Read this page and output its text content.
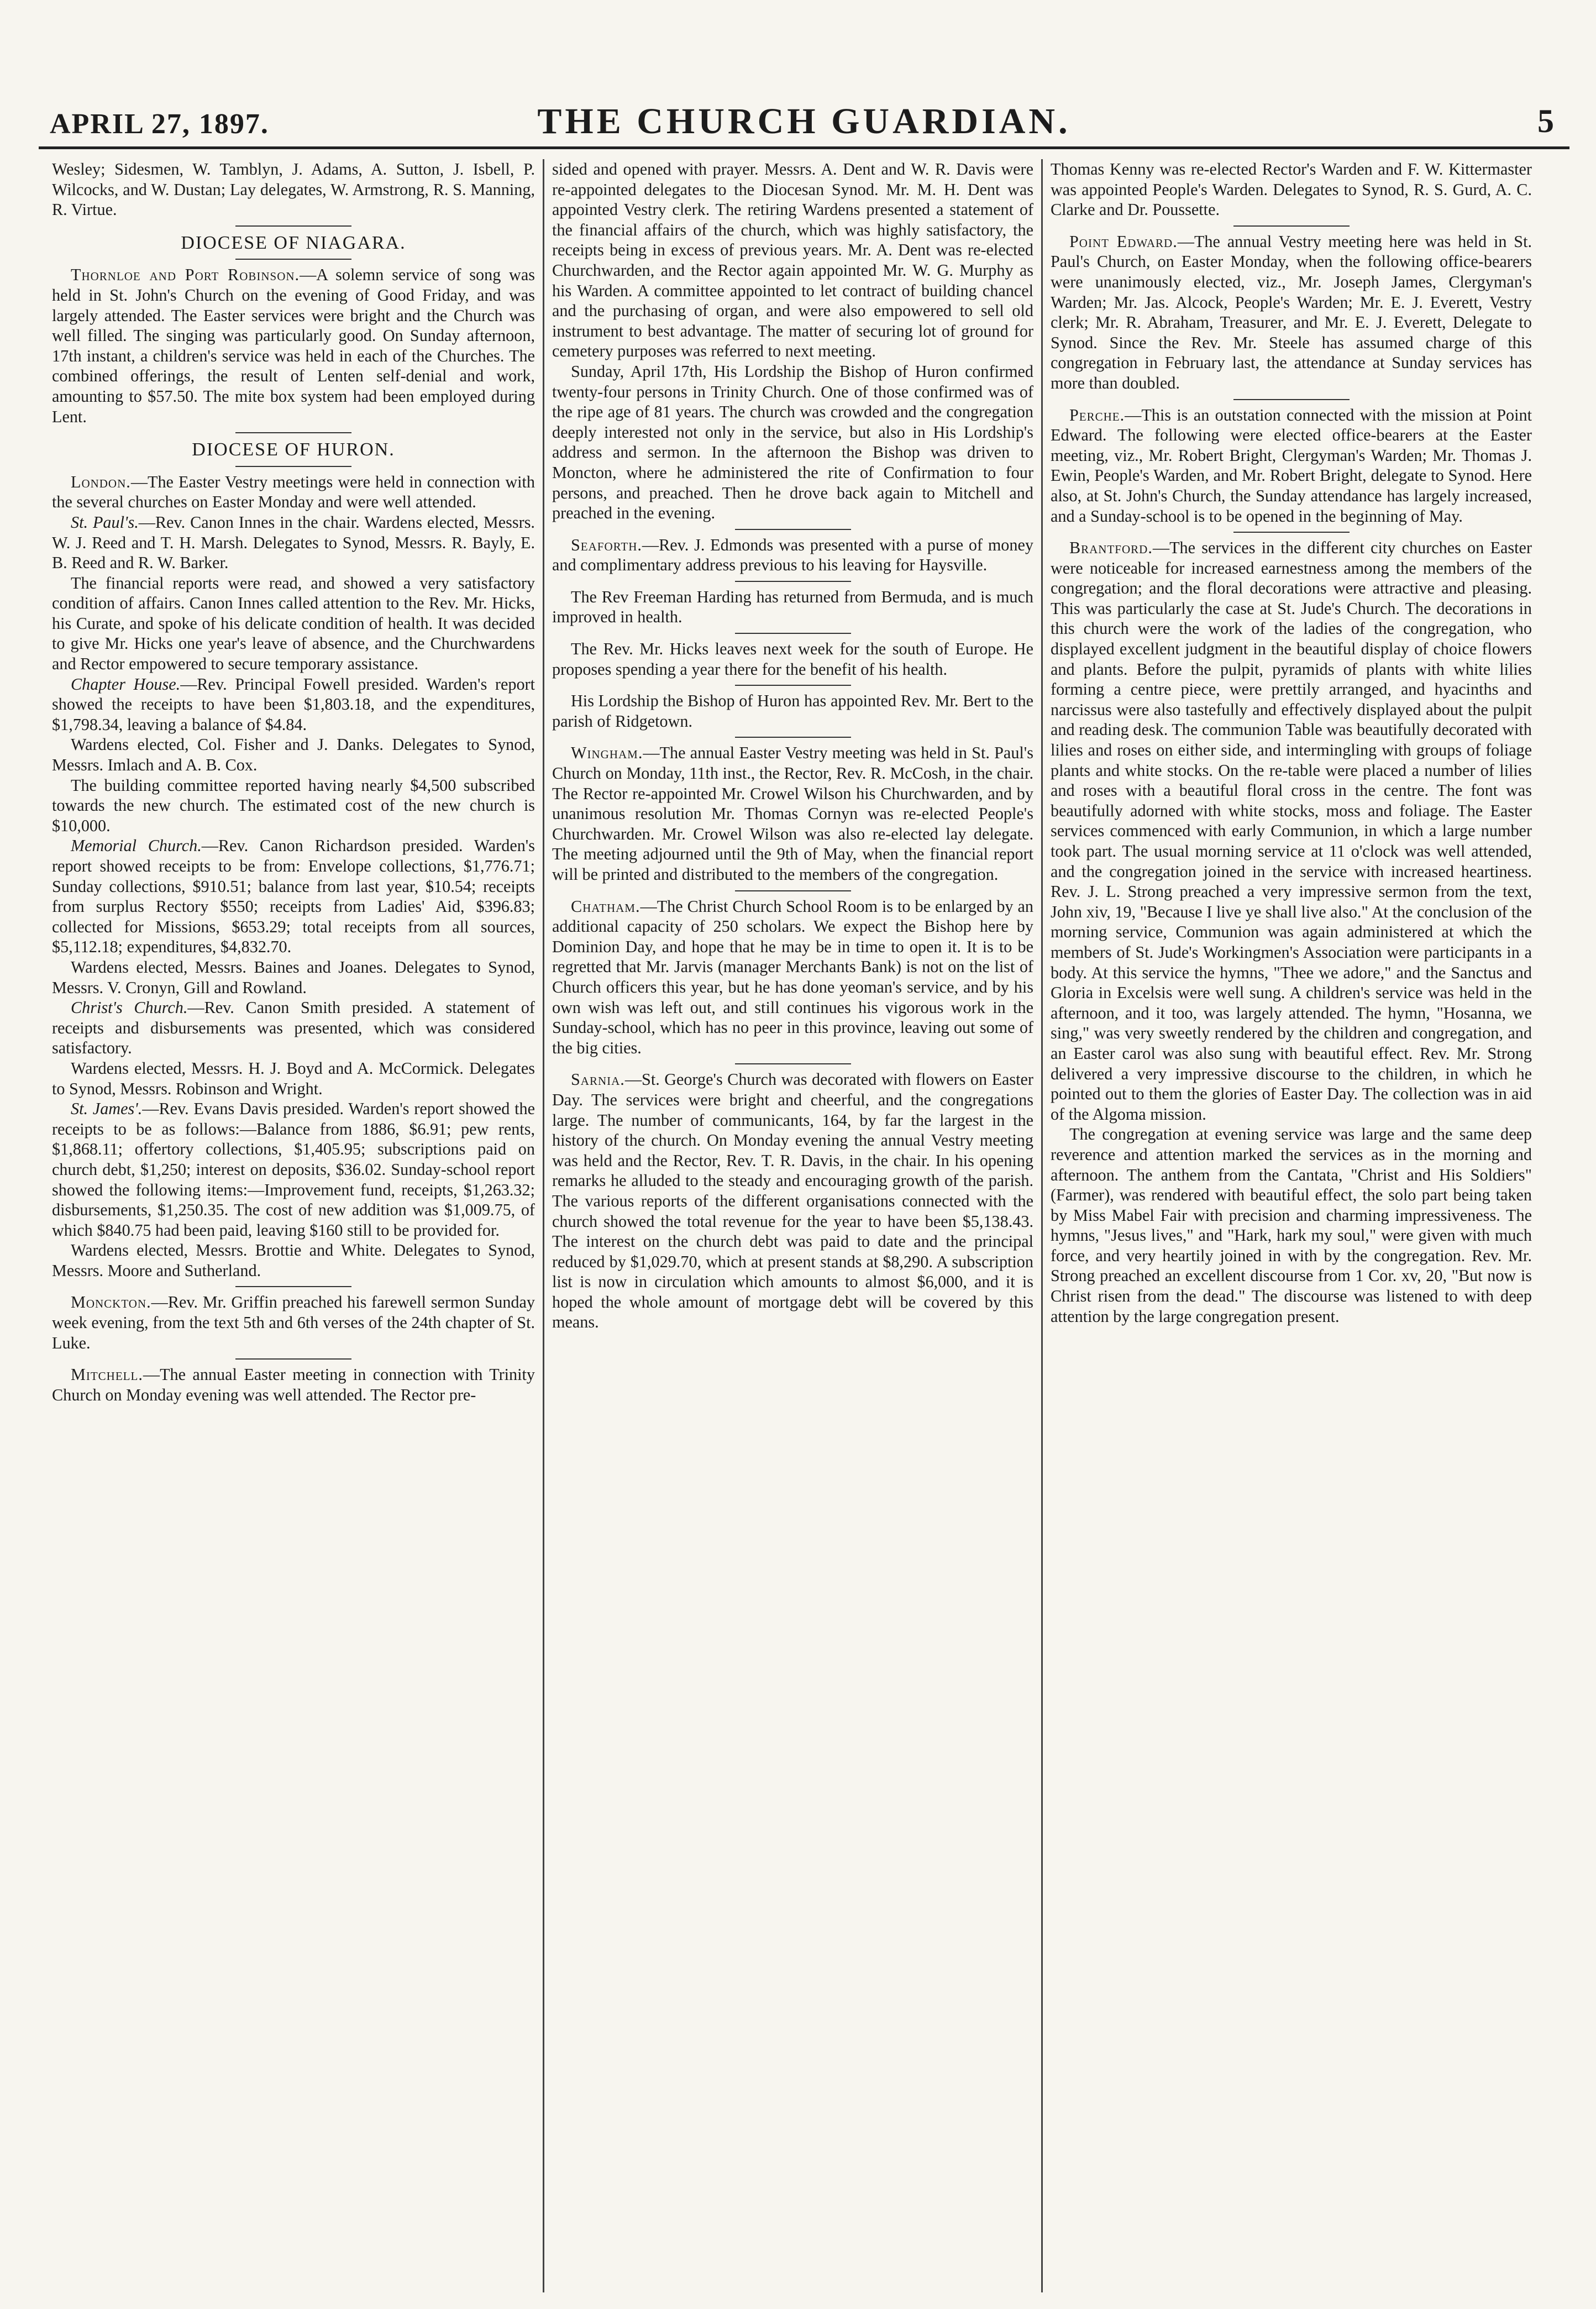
APRIL 27, 1897.	THE CHURCH GUARDIAN.	5

Wesley; Sidesmen, W. Tamblyn, J. Adams, A. Sutton, J. Isbell, P. Wilcocks, and W. Dustan; Lay delegates, W. Armstrong, R. S. Manning, R. Virtue.

DIOCESE OF NIAGARA.

Thornloe and Port Robinson.—A solemn service of song was held in St. John's Church on the evening of Good Friday, and was largely attended. The Easter services were bright and the Church was well filled. The singing was particularly good. On Sunday afternoon, 17th instant, a children's service was held in each of the Churches. The combined offerings, the result of Lenten self-denial and work, amounting to $57.50. The mite box system had been employed during Lent.

DIOCESE OF HURON.

London.—The Easter Vestry meetings were held in connection with the several churches on Easter Monday and were well attended.

St. Paul's.—Rev. Canon Innes in the chair. Wardens elected, Messrs. W. J. Reed and T. H. Marsh. Delegates to Synod, Messrs. R. Bayly, E. B. Reed and R. W. Barker.

The financial reports were read, and showed a very satisfactory condition of affairs. Canon Innes called attention to the Rev. Mr. Hicks, his Curate, and spoke of his delicate condition of health. It was decided to give Mr. Hicks one year's leave of absence, and the Churchwardens and Rector empowered to secure temporary assistance.

Chapter House.—Rev. Principal Fowell presided. Warden's report showed the receipts to have been $1,803.18, and the expenditures, $1,798.34, leaving a balance of $4.84.

Wardens elected, Col. Fisher and J. Danks. Delegates to Synod, Messrs. Imlach and A. B. Cox.

The building committee reported having nearly $4,500 subscribed towards the new church. The estimated cost of the new church is $10,000.

Memorial Church.—Rev. Canon Richardson presided. Warden's report showed receipts to be from: Envelope collections, $1,776.71; Sunday collections, $910.51; balance from last year, $10.54; receipts from surplus Rectory $550; receipts from Ladies' Aid, $396.83; collected for Missions, $653.29; total receipts from all sources, $5,112.18; expenditures, $4,832.70.

Wardens elected, Messrs. Baines and Joanes. Delegates to Synod, Messrs. V. Cronyn, Gill and Rowland.

Christ's Church.—Rev. Canon Smith presided. A statement of receipts and disbursements was presented, which was considered satisfactory.

Wardens elected, Messrs. H. J. Boyd and A. McCormick. Delegates to Synod, Messrs. Robinson and Wright.

St. James'.—Rev. Evans Davis presided. Warden's report showed the receipts to be as follows:—Balance from 1886, $6.91; pew rents, $1,868.11; offertory collections, $1,405.95; subscriptions paid on church debt, $1,250; interest on deposits, $36.02. Sunday-school report showed the following items:—Improvement fund, receipts, $1,263.32; disbursements, $1,250.35. The cost of new addition was $1,009.75, of which $840.75 had been paid, leaving $160 still to be provided for.

Wardens elected, Messrs. Brottie and White. Delegates to Synod, Messrs. Moore and Sutherland.

Monckton.—Rev. Mr. Griffin preached his farewell sermon Sunday week evening, from the text 5th and 6th verses of the 24th chapter of St. Luke.

Mitchell.—The annual Easter meeting in connection with Trinity Church on Monday evening was well attended. The Rector pre-

sided and opened with prayer. Messrs. A. Dent and W. R. Davis were re-appointed delegates to the Diocesan Synod. Mr. M. H. Dent was appointed Vestry clerk. The retiring Wardens presented a statement of the financial affairs of the church, which was highly satisfactory, the receipts being in excess of previous years. Mr. A. Dent was re-elected Churchwarden, and the Rector again appointed Mr. W. G. Murphy as his Warden. A committee appointed to let contract of building chancel and the purchasing of organ, and were also empowered to sell old instrument to best advantage. The matter of securing lot of ground for cemetery purposes was referred to next meeting.

Sunday, April 17th, His Lordship the Bishop of Huron confirmed twenty-four persons in Trinity Church. One of those confirmed was of the ripe age of 81 years. The church was crowded and the congregation deeply interested not only in the service, but also in His Lordship's address and sermon. In the afternoon the Bishop was driven to Moncton, where he administered the rite of Confirmation to four persons, and preached. Then he drove back again to Mitchell and preached in the evening.

Seaforth.—Rev. J. Edmonds was presented with a purse of money and complimentary address previous to his leaving for Haysville.

The Rev Freeman Harding has returned from Bermuda, and is much improved in health.

The Rev. Mr. Hicks leaves next week for the south of Europe. He proposes spending a year there for the benefit of his health.

His Lordship the Bishop of Huron has appointed Rev. Mr. Bert to the parish of Ridgetown.

Wingham.—The annual Easter Vestry meeting was held in St. Paul's Church on Monday, 11th inst., the Rector, Rev. R. McCosh, in the chair. The Rector re-appointed Mr. Crowel Wilson his Churchwarden, and by unanimous resolution Mr. Thomas Cornyn was re-elected People's Churchwarden. Mr. Crowel Wilson was also re-elected lay delegate. The meeting adjourned until the 9th of May, when the financial report will be printed and distributed to the members of the congregation.

Chatham.—The Christ Church School Room is to be enlarged by an additional capacity of 250 scholars. We expect the Bishop here by Dominion Day, and hope that he may be in time to open it. It is to be regretted that Mr. Jarvis (manager Merchants Bank) is not on the list of Church officers this year, but he has done yeoman's service, and by his own wish was left out, and still continues his vigorous work in the Sunday-school, which has no peer in this province, leaving out some of the big cities.

Sarnia.—St. George's Church was decorated with flowers on Easter Day. The services were bright and cheerful, and the congregations large. The number of communicants, 164, by far the largest in the history of the church. On Monday evening the annual Vestry meeting was held and the Rector, Rev. T. R. Davis, in the chair. In his opening remarks he alluded to the steady and encouraging growth of the parish. The various reports of the different organisations connected with the church showed the total revenue for the year to have been $5,138.43. The interest on the church debt was paid to date and the principal reduced by $1,029.70, which at present stands at $8,290. A subscription list is now in circulation which amounts to almost $6,000, and it is hoped the whole amount of mortgage debt will be covered by this means.

Thomas Kenny was re-elected Rector's Warden and F. W. Kittermaster was appointed People's Warden. Delegates to Synod, R. S. Gurd, A. C. Clarke and Dr. Poussette.

Point Edward.—The annual Vestry meeting here was held in St. Paul's Church, on Easter Monday, when the following office-bearers were unanimously elected, viz., Mr. Joseph James, Clergyman's Warden; Mr. Jas. Alcock, People's Warden; Mr. E. J. Everett, Vestry clerk; Mr. R. Abraham, Treasurer, and Mr. E. J. Everett, Delegate to Synod. Since the Rev. Mr. Steele has assumed charge of this congregation in February last, the attendance at Sunday services has more than doubled.

Perche.—This is an outstation connected with the mission at Point Edward. The following were elected office-bearers at the Easter meeting, viz., Mr. Robert Bright, Clergyman's Warden; Mr. Thomas J. Ewin, People's Warden, and Mr. Robert Bright, delegate to Synod. Here also, at St. John's Church, the Sunday attendance has largely increased, and a Sunday-school is to be opened in the beginning of May.

Brantford.—The services in the different city churches on Easter were noticeable for increased earnestness among the members of the congregation; and the floral decorations were attractive and pleasing. This was particularly the case at St. Jude's Church. The decorations in this church were the work of the ladies of the congregation, who displayed excellent judgment in the beautiful display of choice flowers and plants. Before the pulpit, pyramids of plants with white lilies forming a centre piece, were prettily arranged, and hyacinths and narcissus were also tastefully and effectively displayed about the pulpit and reading desk. The communion Table was beautifully decorated with lilies and roses on either side, and intermingling with groups of foliage plants and white stocks. On the re-table were placed a number of lilies and roses with a beautiful floral cross in the centre. The font was beautifully adorned with white stocks, moss and foliage. The Easter services commenced with early Communion, in which a large number took part. The usual morning service at 11 o'clock was well attended, and the congregation joined in the service with increased heartiness. Rev. J. L. Strong preached a very impressive sermon from the text, John xiv, 19, "Because I live ye shall live also." At the conclusion of the morning service, Communion was again administered at which the members of St. Jude's Workingmen's Association were participants in a body. At this service the hymns, "Thee we adore," and the Sanctus and Gloria in Excelsis were well sung. A children's service was held in the afternoon, and it too, was largely attended. The hymn, "Hosanna, we sing," was very sweetly rendered by the children and congregation, and an Easter carol was also sung with beautiful effect. Rev. Mr. Strong delivered a very impressive discourse to the children, in which he pointed out to them the glories of Easter Day. The collection was in aid of the Algoma mission.

The congregation at evening service was large and the same deep reverence and attention marked the services as in the morning and afternoon. The anthem from the Cantata, "Christ and His Soldiers" (Farmer), was rendered with beautiful effect, the solo part being taken by Miss Mabel Fair with precision and charming impressiveness. The hymns, "Jesus lives," and "Hark, hark my soul," were given with much force, and very heartily joined in with by the congregation. Rev. Mr. Strong preached an excellent discourse from 1 Cor. xv, 20, "But now is Christ risen from the dead." The discourse was listened to with deep attention by the large congregation present.
